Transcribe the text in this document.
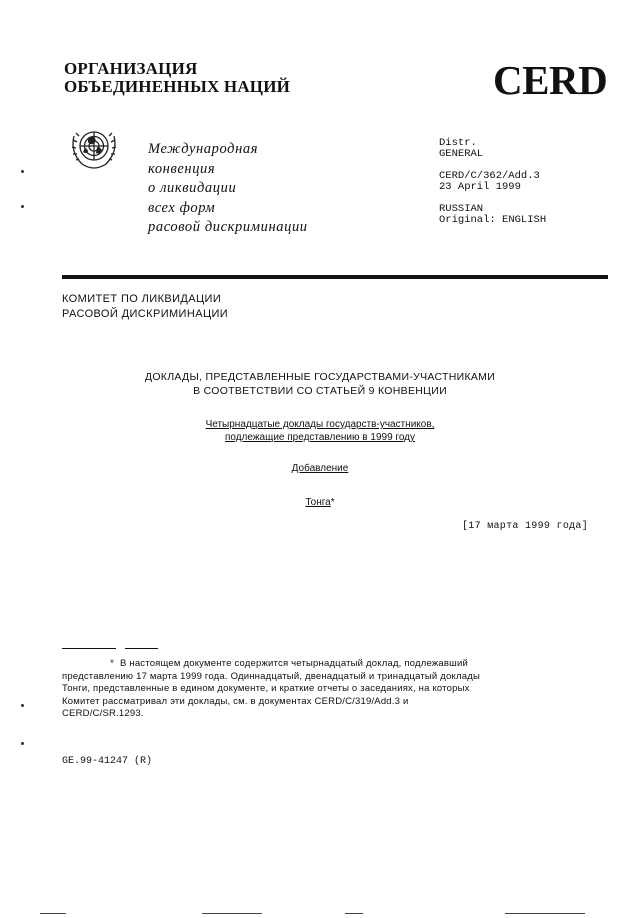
ОРГАНИЗАЦИЯ
ОБЪЕДИНЕННЫХ НАЦИЙ	CERD
Международная
конвенция
о ликвидации
всех форм
расовой дискриминации
Distr.
GENERAL
CERD/C/362/Add.3
23 April 1999
RUSSIAN
Original: ENGLISH
КОМИТЕТ ПО ЛИКВИДАЦИИ
РАСОВОЙ ДИСКРИМИНАЦИИ
ДОКЛАДЫ, ПРЕДСТАВЛЕННЫЕ ГОСУДАРСТВАМИ-УЧАСТНИКАМИ
В СООТВЕТСТВИИ СО СТАТЬЕЙ 9 КОНВЕНЦИИ
Четырнадцатые доклады государств-участников,
подлежащие представлению в 1999 году
Добавление
Тонга*
[17 марта 1999 года]
* В настоящем документе содержится четырнадцатый доклад, подлежавший
представлению 17 марта 1999 года. Одиннадцатый, двенадцатый и тринадцатый доклады
Тонги, представленные в едином документе, и краткие отчеты о заседаниях, на которых
Комитет рассматривал эти доклады, см. в документах CERD/C/319/Add.3 и
CERD/C/SR.1293.
GE.99-41247 (R)
